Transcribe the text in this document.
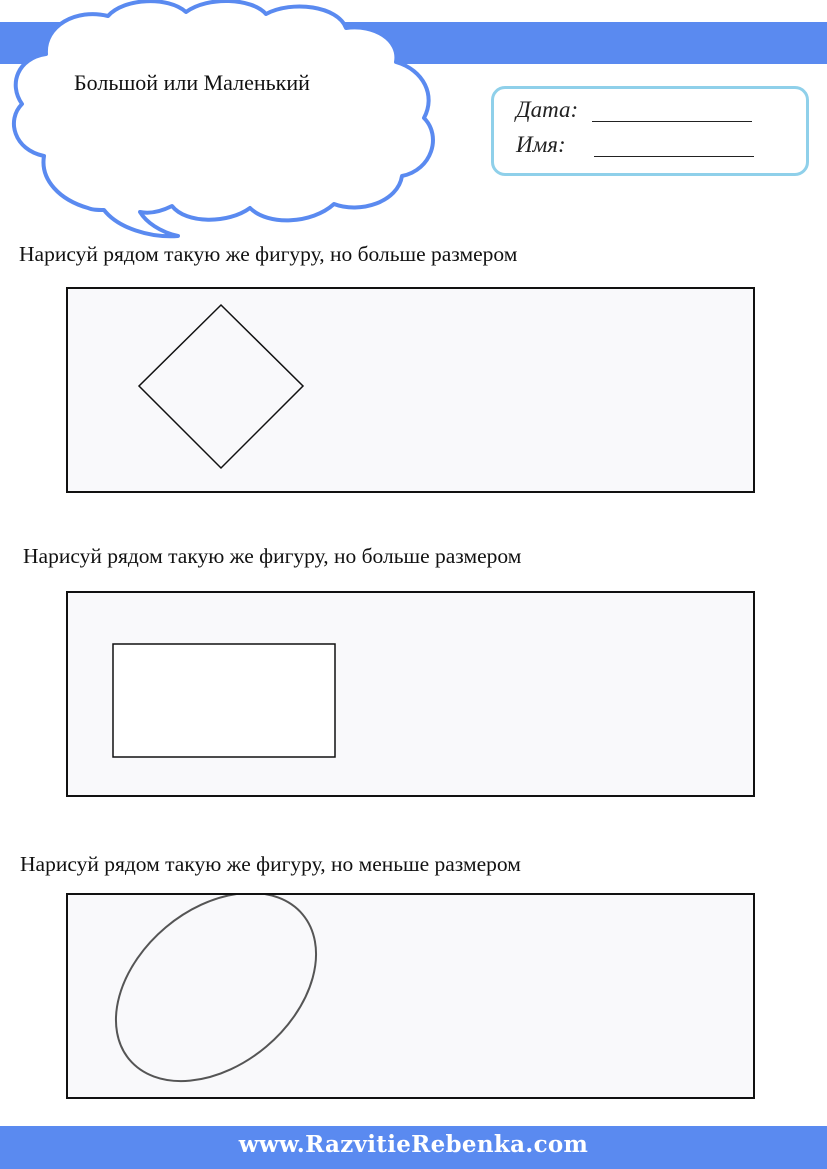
Большой или Маленький
Дата:
Имя:
Нарисуй рядом такую же фигуру, но больше размером
Нарисуй рядом такую же фигуру, но больше размером
Нарисуй рядом такую же фигуру, но меньше размером
www.RazvitieRebenka.com
